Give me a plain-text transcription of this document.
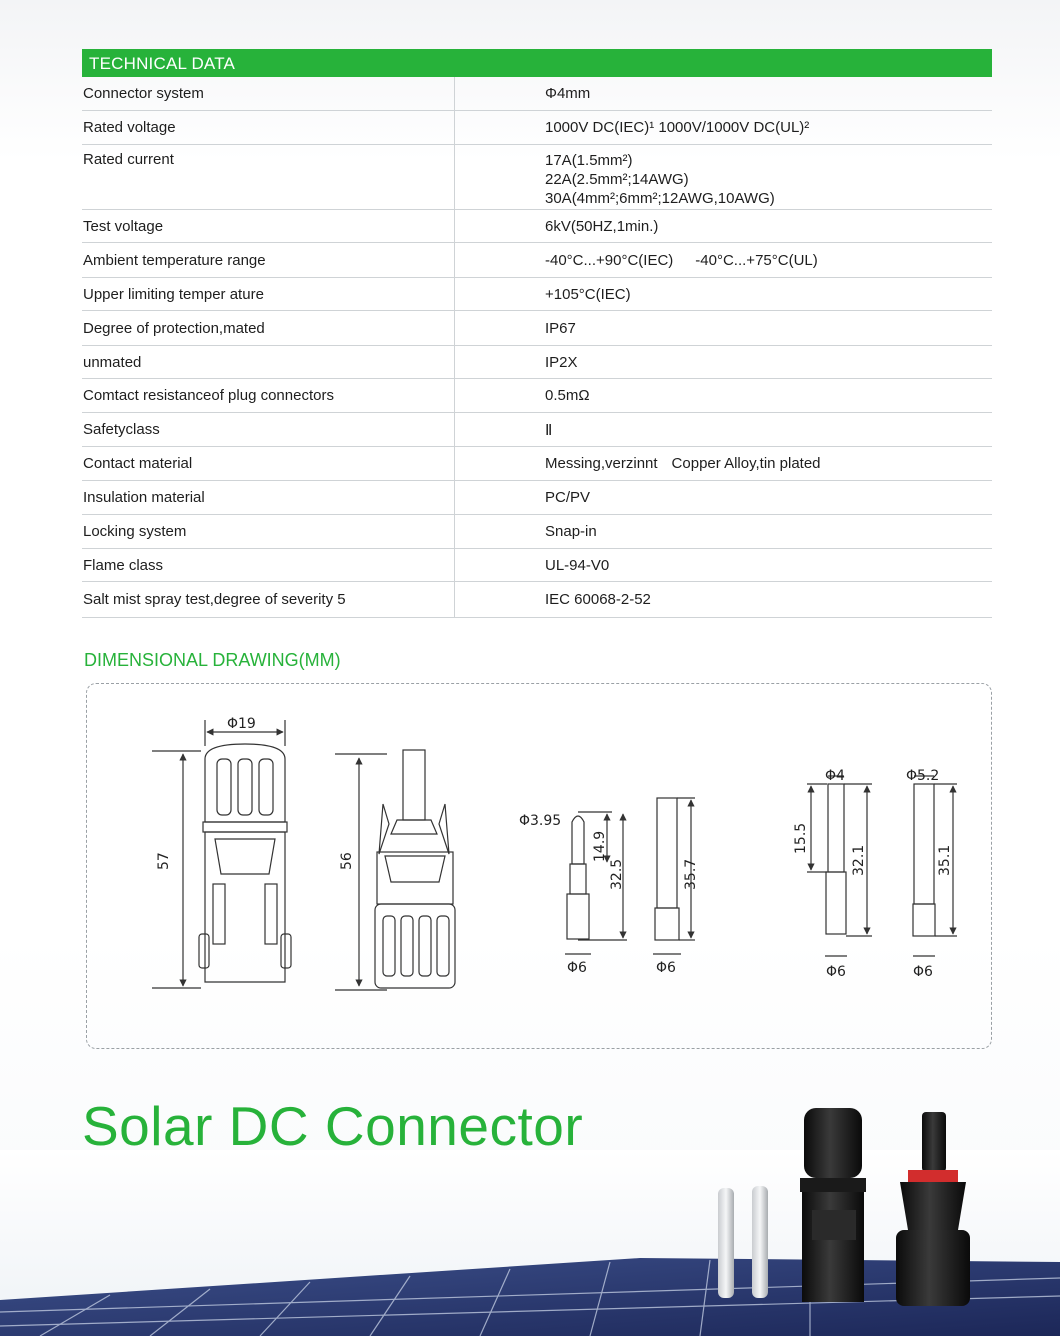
TECHNICAL DATA
Connector system	Φ4mm
Rated voltage	1000V DC(IEC)¹ 1000V/1000V DC(UL)²
Rated current	17A(1.5mm²)
22A(2.5mm²;14AWG)
30A(4mm²;6mm²;12AWG,10AWG)
Test voltage	6kV(50HZ,1min.)
Ambient temperature range	-40°C...+90°C(IEC) -40°C...+75°C(UL)
Upper limiting temper ature	+105°C(IEC)
Degree of protection,mated	IP67
unmated	IP2X
Comtact resistanceof plug connectors	0.5mΩ
Safetyclass	Ⅱ
Contact material	Messing,verzinnt Copper Alloy,tin plated
Insulation material	PC/PV
Locking system	Snap-in
Flame class	UL-94-V0
Salt mist spray test,degree of severity 5	IEC 60068-2-52
DIMENSIONAL DRAWING(MM)
Φ19
57	56
Φ3.95
14.9
32.5
Φ6
35.7
Φ6
Φ4	Φ5.2
15.5
32.1	35.1
Φ6	Φ6
Solar DC Connector
